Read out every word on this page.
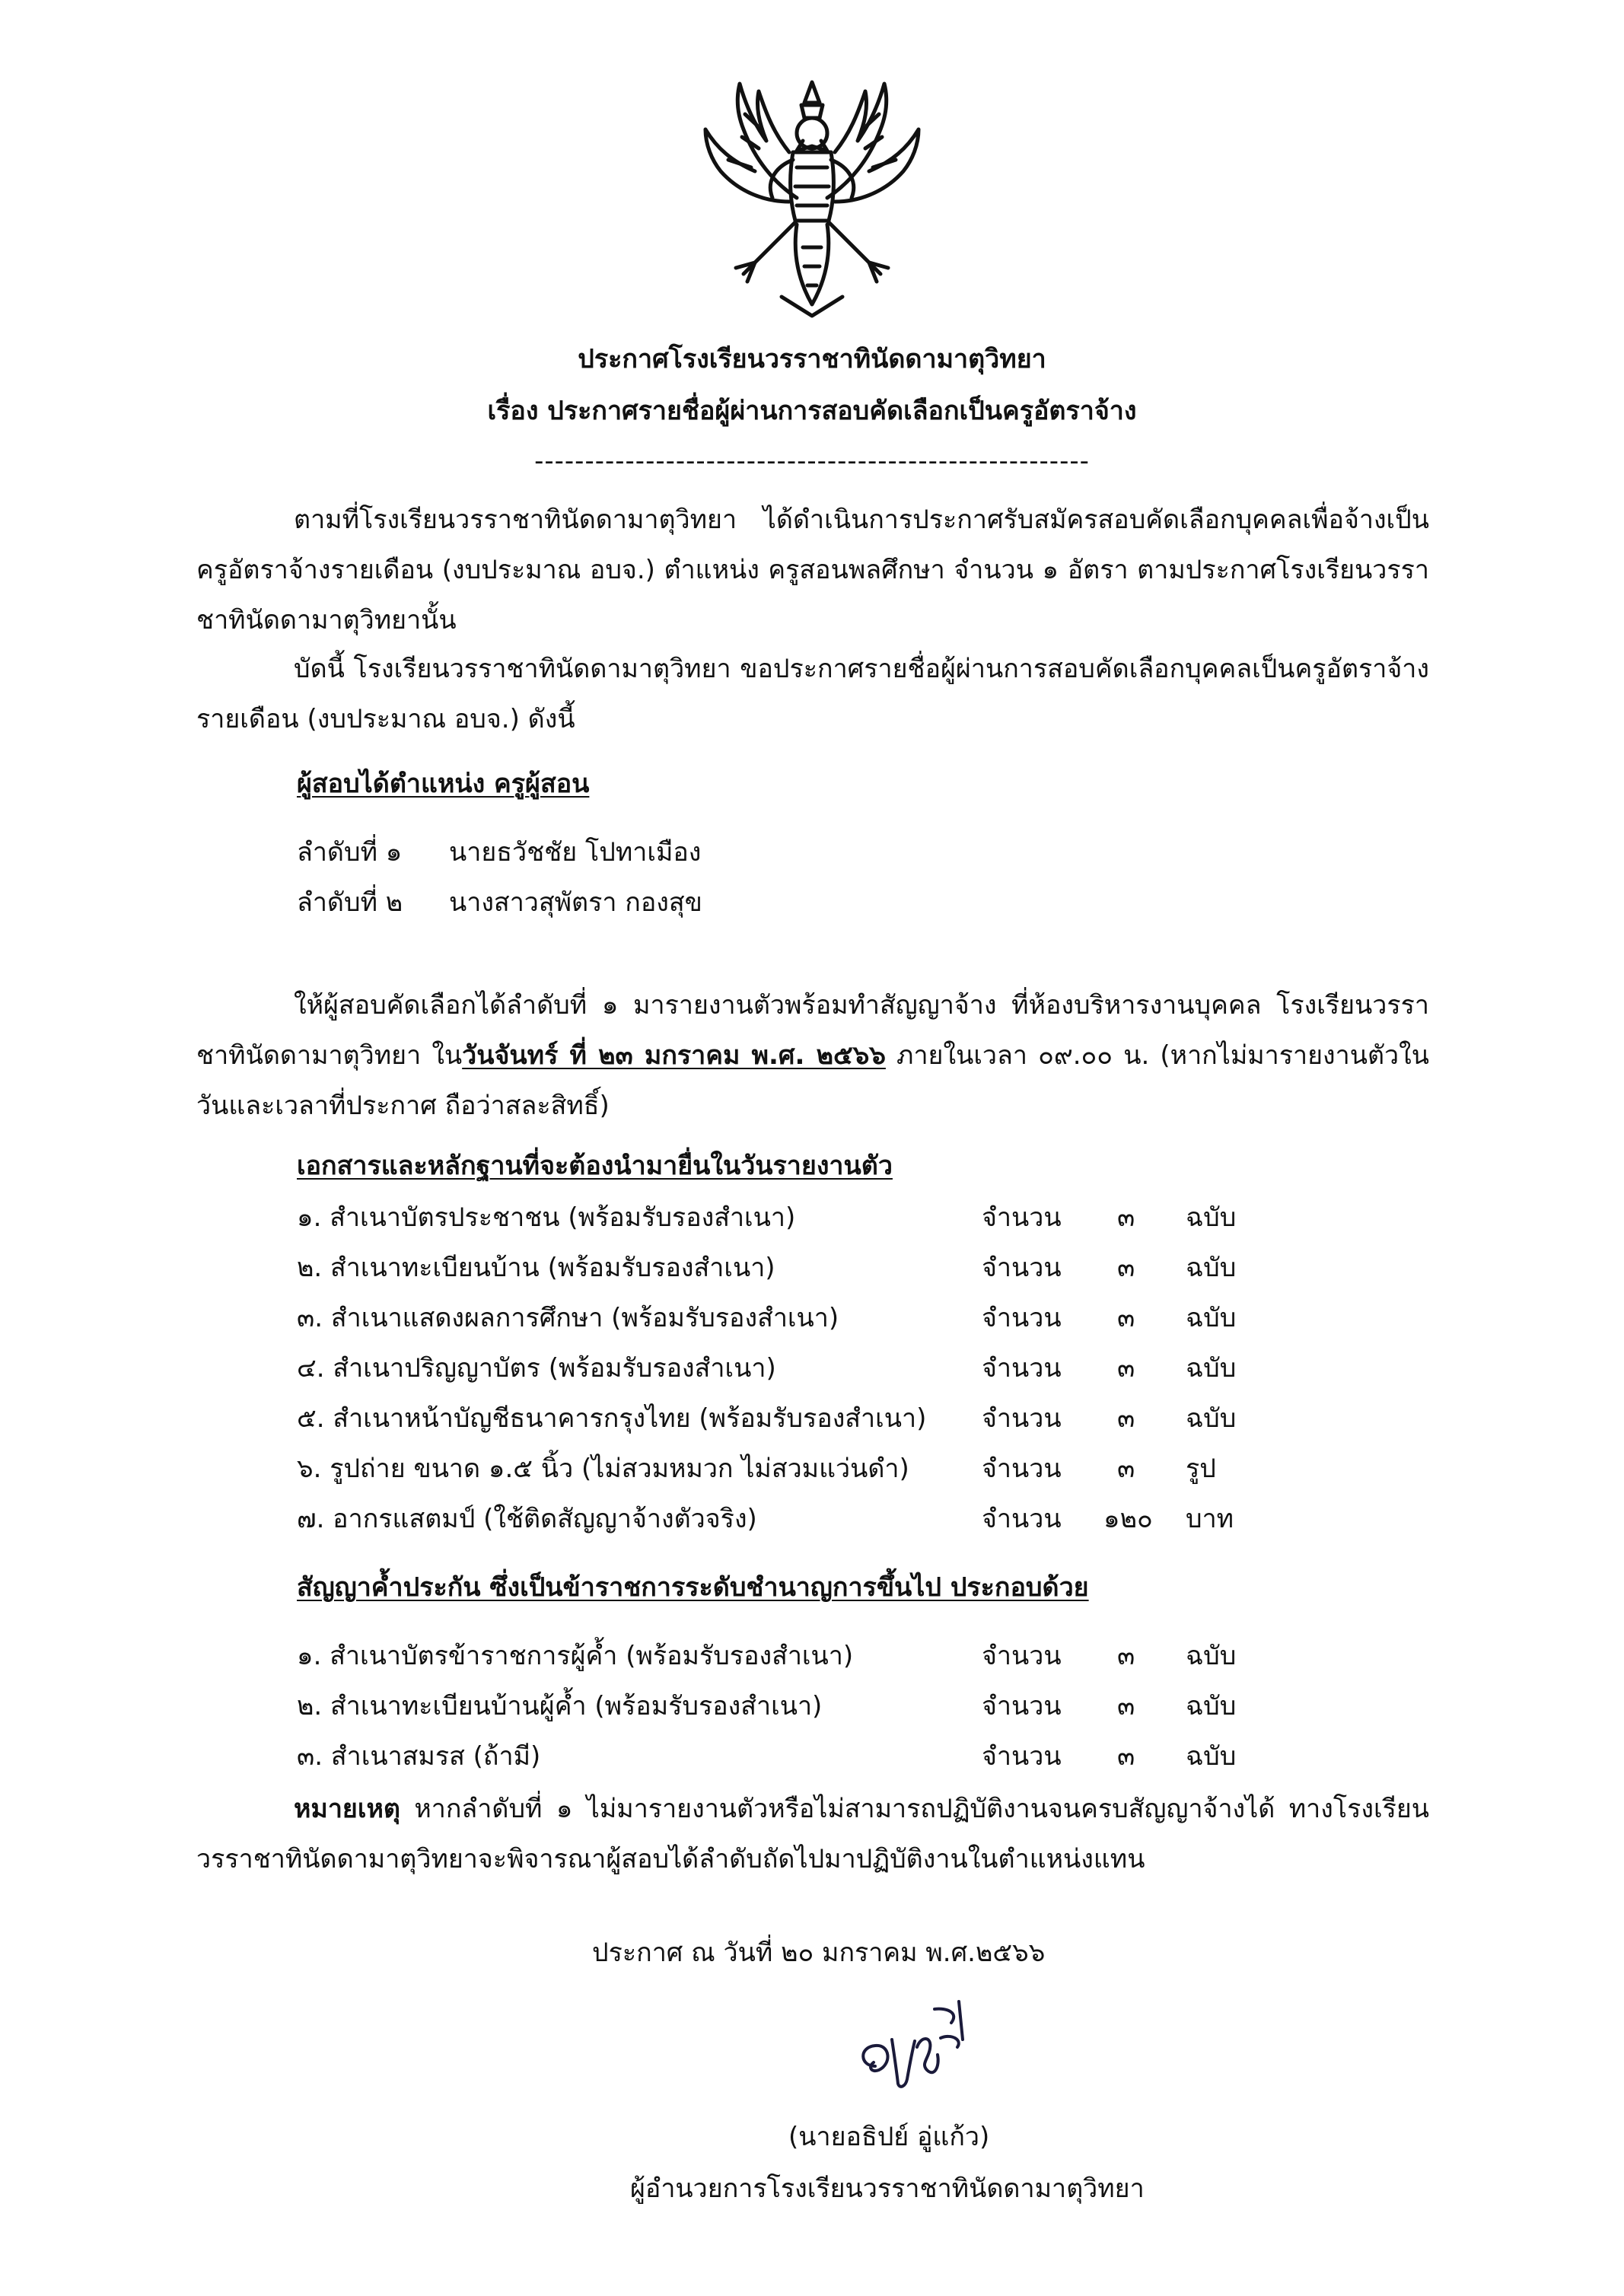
ประกาศโรงเรียนวรราชาทินัดดามาตุวิทยา
เรื่อง ประกาศรายชื่อผู้ผ่านการสอบคัดเลือกเป็นครูอัตราจ้าง
-------------------------------------------------------
ตามที่โรงเรียนวรราชาทินัดดามาตุวิทยา ได้ดำเนินการประกาศรับสมัครสอบคัดเลือกบุคคลเพื่อจ้างเป็นครูอัตราจ้างรายเดือน (งบประมาณ อบจ.) ตำแหน่ง ครูสอนพลศึกษา จำนวน ๑ อัตรา ตามประกาศโรงเรียนวรราชาทินัดดามาตุวิทยานั้น
บัดนี้ โรงเรียนวรราชาทินัดดามาตุวิทยา ขอประกาศรายชื่อผู้ผ่านการสอบคัดเลือกบุคคลเป็นครูอัตราจ้างรายเดือน (งบประมาณ อบจ.) ดังนี้
ผู้สอบได้ตำแหน่ง ครูผู้สอน
ลำดับที่ ๑ นายธวัชชัย โปทาเมือง
ลำดับที่ ๒ นางสาวสุพัตรา กองสุข
ให้ผู้สอบคัดเลือกได้ลำดับที่ ๑ มารายงานตัวพร้อมทำสัญญาจ้าง ที่ห้องบริหารงานบุคคล โรงเรียนวรราชาทินัดดามาตุวิทยา ในวันจันทร์ ที่ ๒๓ มกราคม พ.ศ. ๒๕๖๖ ภายในเวลา ๐๙.๐๐ น. (หากไม่มารายงานตัวในวันและเวลาที่ประกาศ ถือว่าสละสิทธิ์)
เอกสารและหลักฐานที่จะต้องนำมายื่นในวันรายงานตัว
๑. สำเนาบัตรประชาชน (พร้อมรับรองสำเนา)	จำนวน ๓ ฉบับ
๒. สำเนาทะเบียนบ้าน (พร้อมรับรองสำเนา)	จำนวน ๓ ฉบับ
๓. สำเนาแสดงผลการศึกษา (พร้อมรับรองสำเนา)	จำนวน ๓ ฉบับ
๔. สำเนาปริญญาบัตร (พร้อมรับรองสำเนา)	จำนวน ๓ ฉบับ
๕. สำเนาหน้าบัญชีธนาคารกรุงไทย (พร้อมรับรองสำเนา) จำนวน ๓ ฉบับ
๖. รูปถ่าย ขนาด ๑.๕ นิ้ว (ไม่สวมหมวก ไม่สวมแว่นดำ)	จำนวน ๓ รูป
๗. อากรแสตมป์ (ใช้ติดสัญญาจ้างตัวจริง)	จำนวน ๑๒๐ บาท
สัญญาค้ำประกัน ซึ่งเป็นข้าราชการระดับชำนาญการขึ้นไป ประกอบด้วย
๑. สำเนาบัตรข้าราชการผู้ค้ำ (พร้อมรับรองสำเนา)	จำนวน ๓ ฉบับ
๒. สำเนาทะเบียนบ้านผู้ค้ำ (พร้อมรับรองสำเนา)	จำนวน ๓ ฉบับ
๓. สำเนาสมรส (ถ้ามี)	จำนวน ๓ ฉบับ
หมายเหตุ หากลำดับที่ ๑ ไม่มารายงานตัวหรือไม่สามารถปฏิบัติงานจนครบสัญญาจ้างได้ ทางโรงเรียนวรราชาทินัดดามาตุวิทยาจะพิจารณาผู้สอบได้ลำดับถัดไปมาปฏิบัติงานในตำแหน่งแทน
ประกาศ ณ วันที่ ๒๐ มกราคม พ.ศ.๒๕๖๖
(นายอธิปย์ อู่แก้ว)
ผู้อำนวยการโรงเรียนวรราชาทินัดดามาตุวิทยา
